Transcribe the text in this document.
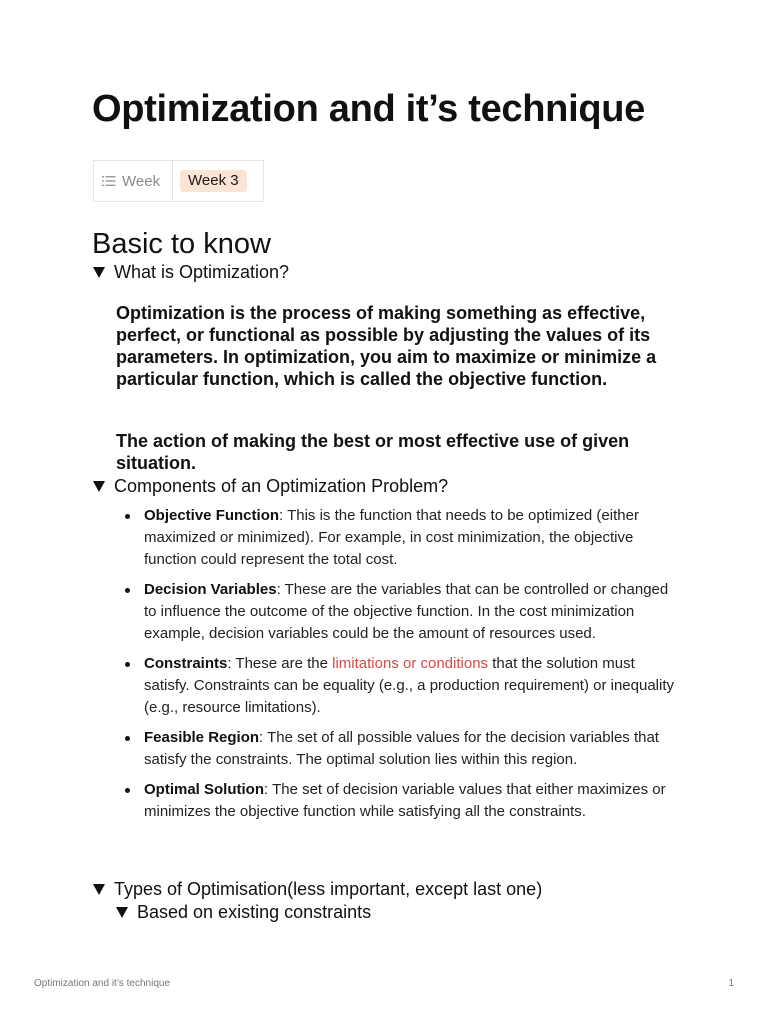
Optimization and it’s technique
Week	Week 3
Basic to know
What is Optimization?

Optimization is the process of making something as effective, perfect, or functional as possible by adjusting the values of its parameters. In optimization, you aim to maximize or minimize a particular function, which is called the objective function.

The action of making the best or most effective use of given situation.

Components of an Optimization Problem?
Objective Function: This is the function that needs to be optimized (either maximized or minimized). For example, in cost minimization, the objective function could represent the total cost.
Decision Variables: These are the variables that can be controlled or changed to influence the outcome of the objective function. In the cost minimization example, decision variables could be the amount of resources used.
Constraints: These are the limitations or conditions that the solution must satisfy. Constraints can be equality (e.g., a production requirement) or inequality (e.g., resource limitations).
Feasible Region: The set of all possible values for the decision variables that satisfy the constraints. The optimal solution lies within this region.
Optimal Solution: The set of decision variable values that either maximizes or minimizes the objective function while satisfying all the constraints.
Types of Optimisation(less important, except last one)
Based on existing constraints
Optimization and it’s technique	1
